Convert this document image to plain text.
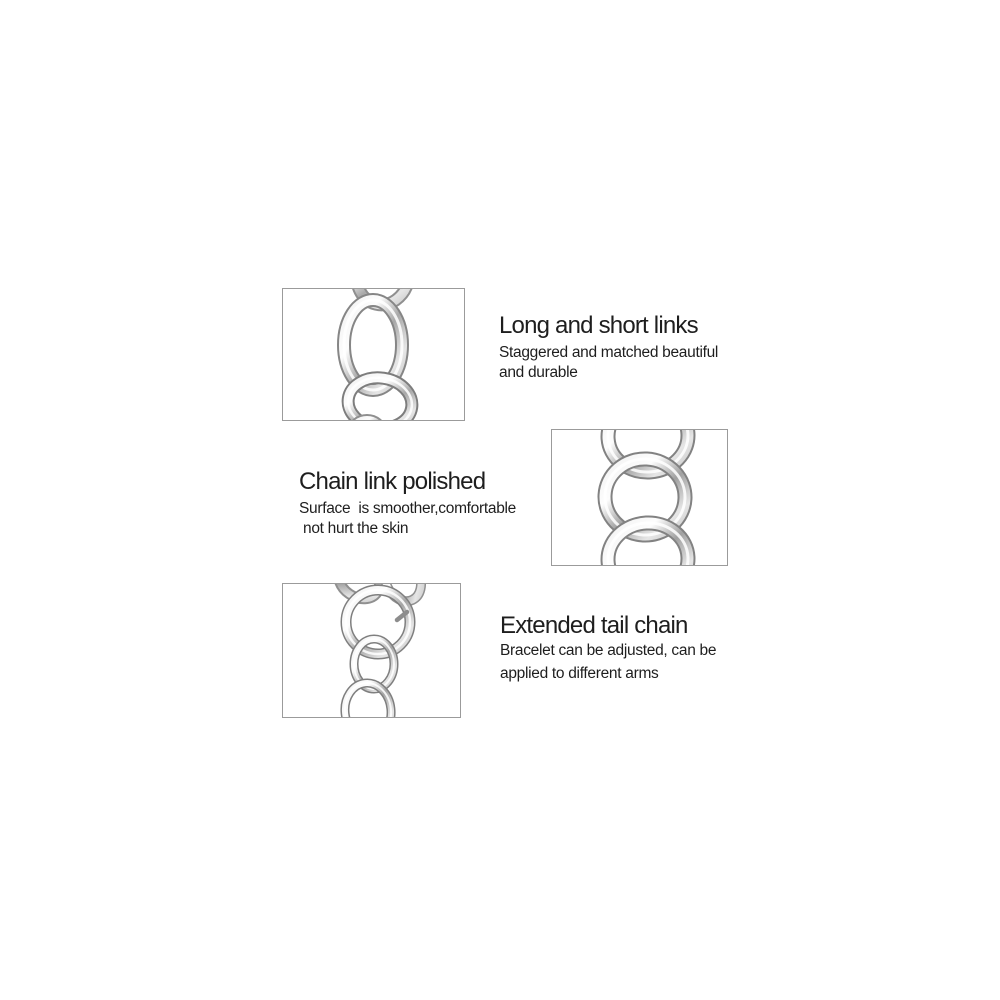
Long and short links
Staggered and matched beautiful
and durable
Chain link polished
Surface  is smoother,comfortable
not hurt the skin
Extended tail chain
Bracelet can be adjusted, can be
applied to different arms
